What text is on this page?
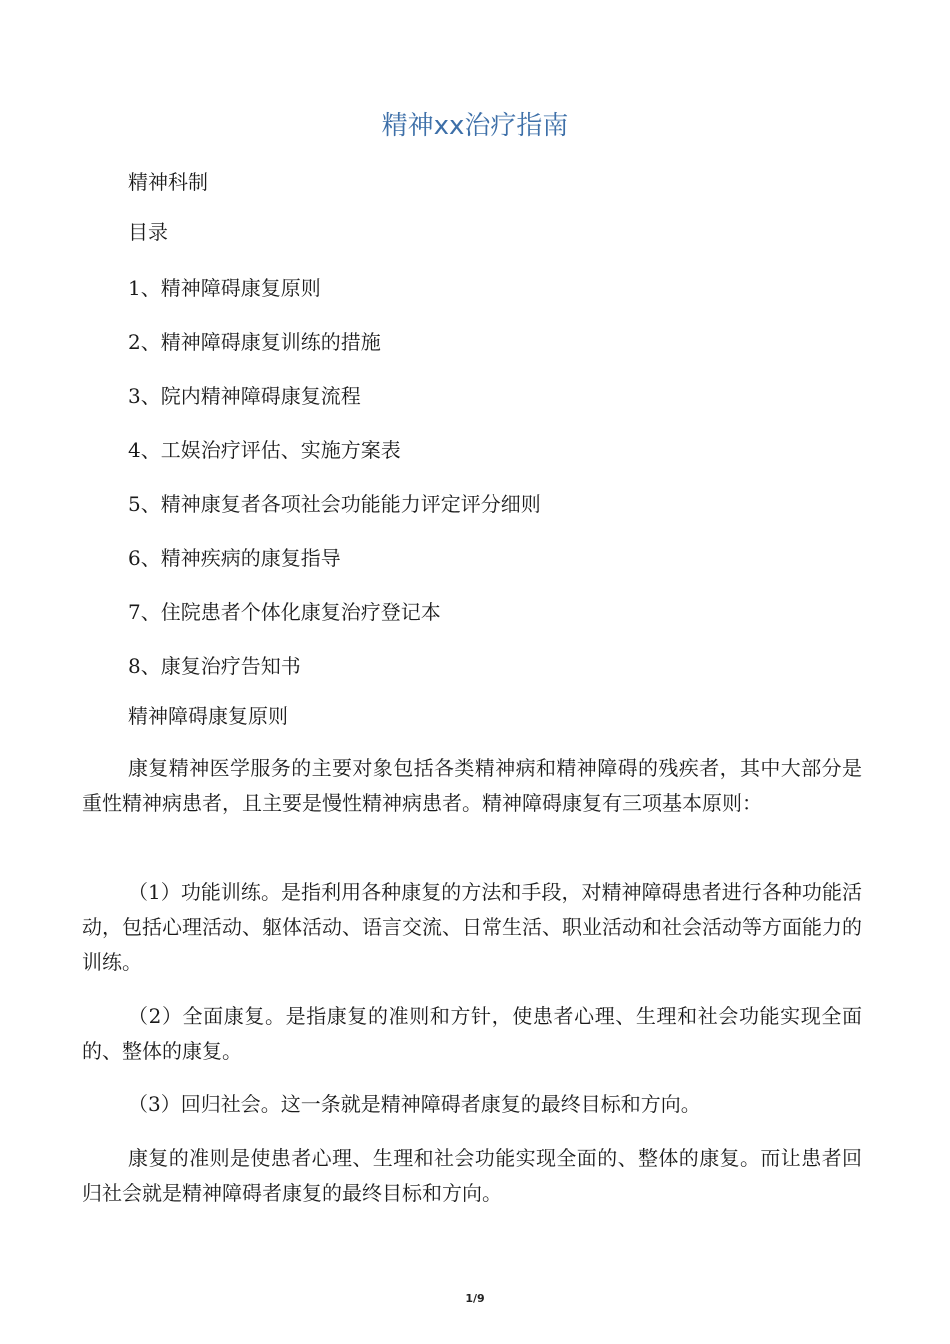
精神xx治疗指南
精神科制
目录
1、精神障碍康复原则
2、精神障碍康复训练的措施
3、院内精神障碍康复流程
4、工娱治疗评估、实施方案表
5、精神康复者各项社会功能能力评定评分细则
6、精神疾病的康复指导
7、住院患者个体化康复治疗登记本
8、康复治疗告知书
精神障碍康复原则
康复精神医学服务的主要对象包括各类精神病和精神障碍的残疾者，其中大部分是重性精神病患者，且主要是慢性精神病患者。精神障碍康复有三项基本原则：
（1）功能训练。是指利用各种康复的方法和手段，对精神障碍患者进行各种功能活动，包括心理活动、躯体活动、语言交流、日常生活、职业活动和社会活动等方面能力的训练。
（2）全面康复。是指康复的准则和方针，使患者心理、生理和社会功能实现全面的、整体的康复。
（3）回归社会。这一条就是精神障碍者康复的最终目标和方向。
康复的准则是使患者心理、生理和社会功能实现全面的、整体的康复。而让患者回归社会就是精神障碍者康复的最终目标和方向。
1/9
